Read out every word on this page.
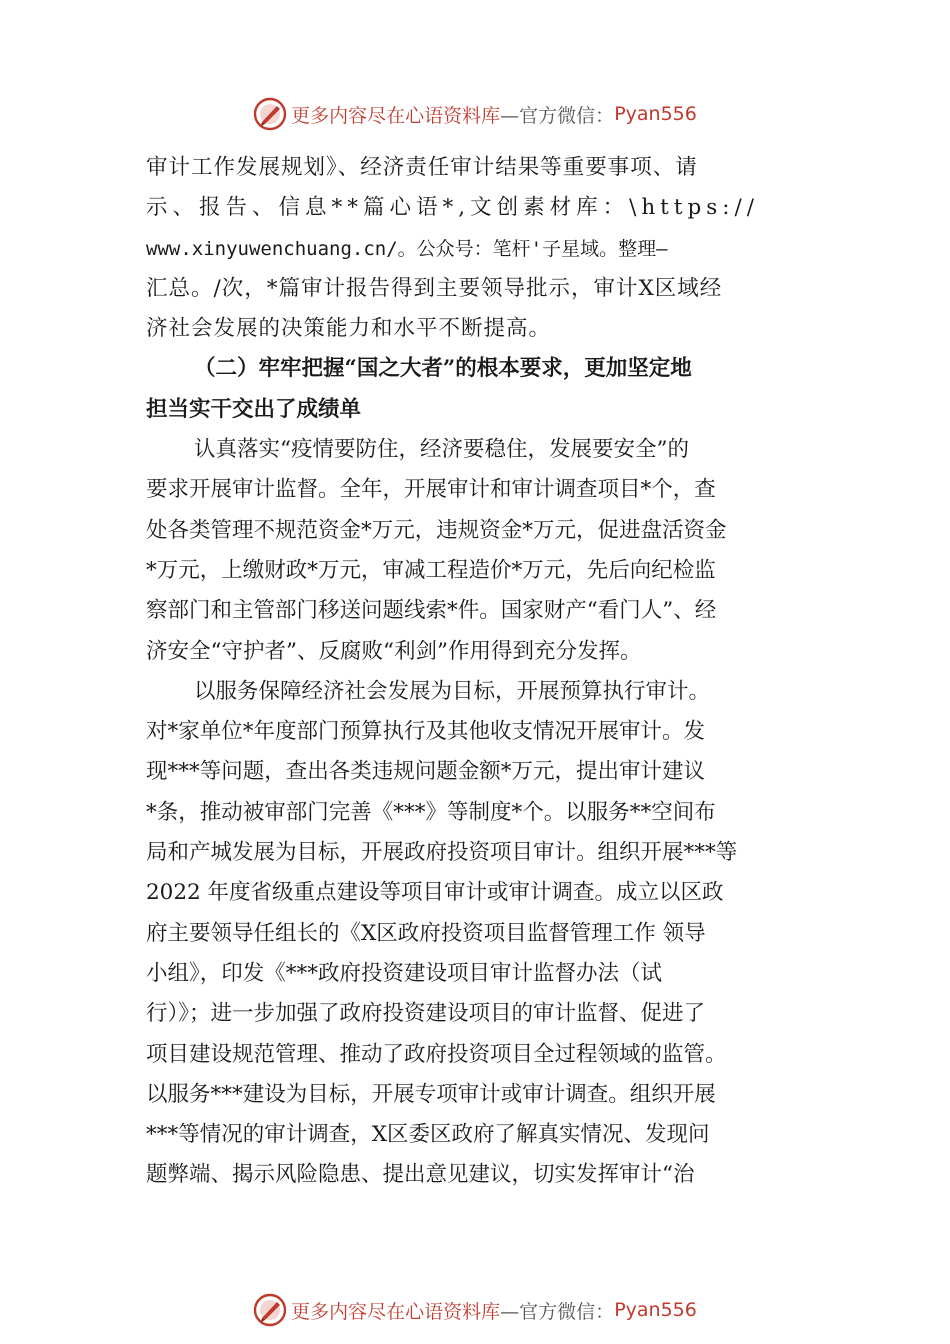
更多内容尽在心语资料库 —官方微信： Pyan556
审计工作发展规划》、经济责任审计结果等重要事项、请
示、报告、信息**篇心语*,文创素材库：\https://
www.xinyuwenchuang.cn/。公众号：笔杆'子星域。整理—
汇总。/次，*篇审计报告得到主要领导批示，审计X区域经
济社会发展的决策能力和水平不断提高。
（二）牢牢把握“国之大者”的根本要求，更加坚定地
担当实干交出了成绩单
认真落实“疫情要防住，经济要稳住，发展要安全”的
要求开展审计监督。全年，开展审计和审计调查项目*个，查
处各类管理不规范资金*万元，违规资金*万元，促进盘活资金
*万元，上缴财政*万元，审减工程造价*万元，先后向纪检监
察部门和主管部门移送问题线索*件。国家财产“看门人”、经
济安全“守护者”、反腐败“利剑”作用得到充分发挥。
以服务保障经济社会发展为目标，开展预算执行审计。
对*家单位*年度部门预算执行及其他收支情况开展审计。发
现***等问题，查出各类违规问题金额*万元，提出审计建议
*条，推动被审部门完善《***》等制度*个。以服务**空间布
局和产城发展为目标，开展政府投资项目审计。组织开展***等
2022 年度省级重点建设等项目审计或审计调查。成立以区政
府主要领导任组长的《X区政府投资项目监督管理工作 领导
小组》，印发《***政府投资建设项目审计监督办法（试
行）》；进一步加强了政府投资建设项目的审计监督、促进了
项目建设规范管理、推动了政府投资项目全过程领域的监管。
以服务***建设为目标，开展专项审计或审计调查。组织开展
***等情况的审计调查，X区委区政府了解真实情况、发现问
题弊端、揭示风险隐患、提出意见建议，切实发挥审计“治
更多内容尽在心语资料库 —官方微信： Pyan556
